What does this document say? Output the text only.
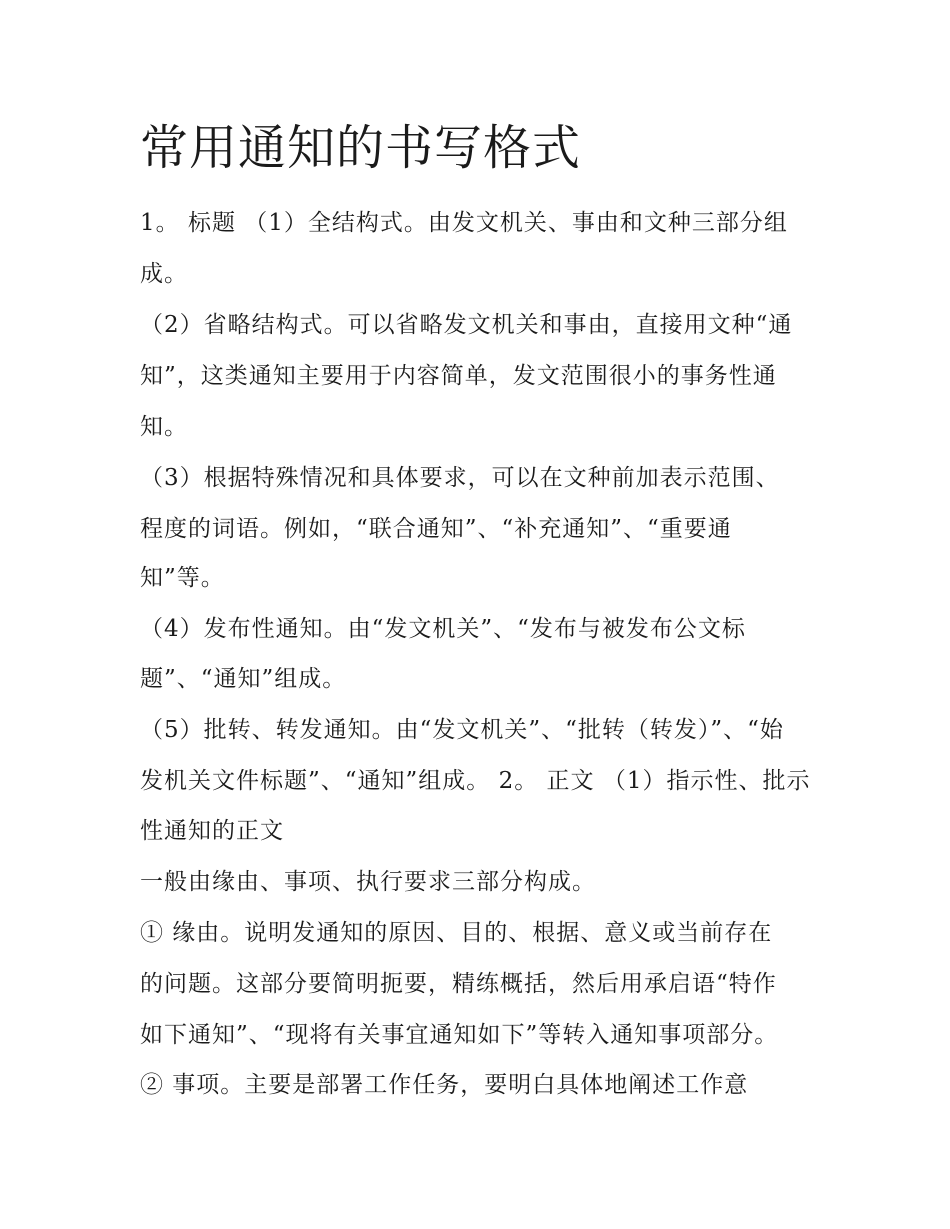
常用通知的书写格式
1。 标题 （1）全结构式。由发文机关、事由和文种三部分组
成。
（2）省略结构式。可以省略发文机关和事由，直接用文种“通
知”，这类通知主要用于内容简单，发文范围很小的事务性通
知。
（3）根据特殊情况和具体要求，可以在文种前加表示范围、
程度的词语。例如，“联合通知”、“补充通知”、“重要通
知”等。
（4）发布性通知。由“发文机关”、“发布与被发布公文标
题”、“通知”组成。
（5）批转、转发通知。由“发文机关”、“批转（转发）”、“始
发机关文件标题”、“通知”组成。 2。 正文 （1）指示性、批示
性通知的正文
一般由缘由、事项、执行要求三部分构成。
① 缘由。说明发通知的原因、目的、根据、意义或当前存在
的问题。这部分要简明扼要，精练概括，然后用承启语“特作
如下通知”、“现将有关事宜通知如下”等转入通知事项部分。
② 事项。主要是部署工作任务，要明白具体地阐述工作意
